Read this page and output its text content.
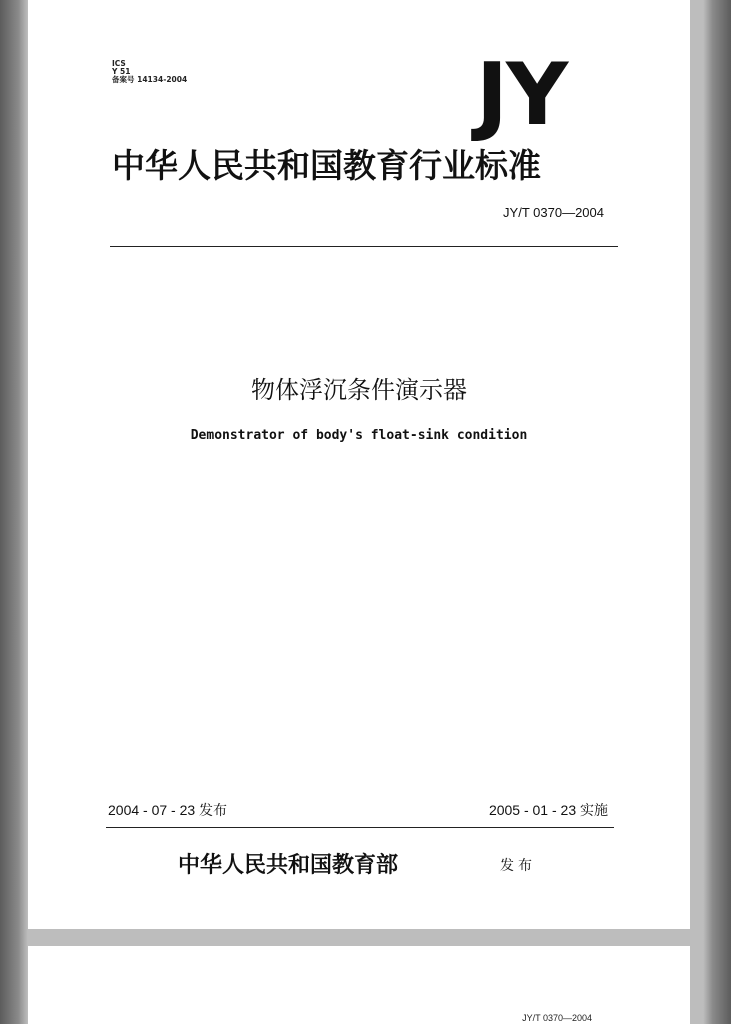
ICS
Y 51
备案号 14134-2004	JY
中华人民共和国教育行业标准
JY/T 0370—2004
物体浮沉条件演示器
Demonstrator of body's float-sink condition
2004 - 07 - 23 发布	2005 - 01 - 23 实施
中华人民共和国教育部	发布
JY/T 0370—2004
